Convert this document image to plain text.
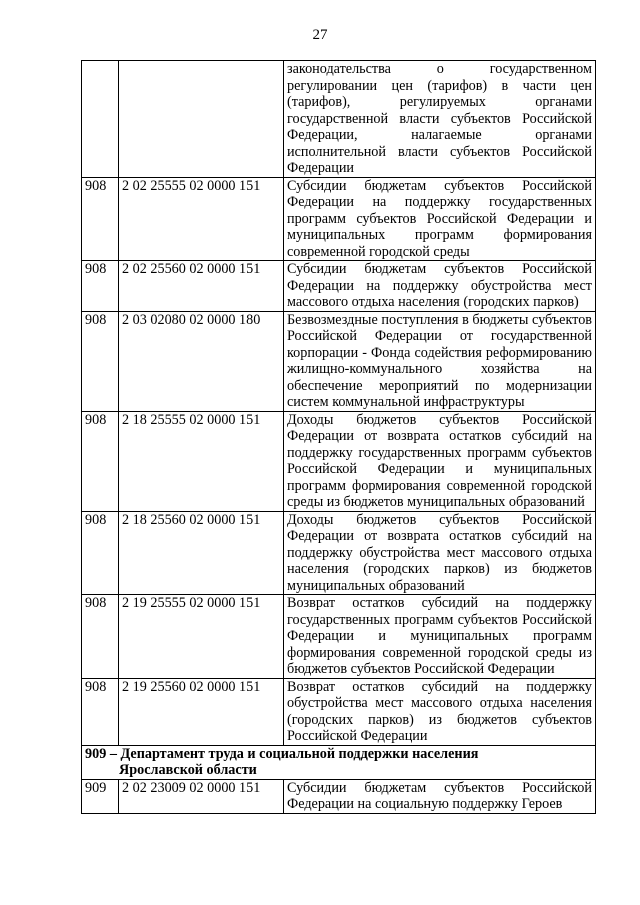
27
		законодательства о государственном регулировании цен (тарифов) в части цен (тарифов), регулируемых органами государственной власти субъектов Российской Федерации, налагаемые органами исполнительной власти субъектов Российской Федерации
908	2 02 25555 02 0000 151	Субсидии бюджетам субъектов Российской Федерации на поддержку государственных программ субъектов Российской Федерации и муниципальных программ формирования современной городской среды
908	2 02 25560 02 0000 151	Субсидии бюджетам субъектов Российской Федерации на поддержку обустройства мест массового отдыха населения (городских парков)
908	2 03 02080 02 0000 180	Безвозмездные поступления в бюджеты субъектов Российской Федерации от государственной корпорации - Фонда содействия реформированию жилищно-коммунального хозяйства на обеспечение мероприятий по модернизации систем коммунальной инфраструктуры
908	2 18 25555 02 0000 151	Доходы бюджетов субъектов Российской Федерации от возврата остатков субсидий на поддержку государственных программ субъектов Российской Федерации и муниципальных программ формирования современной городской среды из бюджетов муниципальных образований
908	2 18 25560 02 0000 151	Доходы бюджетов субъектов Российской Федерации от возврата остатков субсидий на поддержку обустройства мест массового отдыха населения (городских парков) из бюджетов муниципальных образований
908	2 19 25555 02 0000 151	Возврат остатков субсидий на поддержку государственных программ субъектов Российской Федерации и муниципальных программ формирования современной городской среды из бюджетов субъектов Российской Федерации
908	2 19 25560 02 0000 151	Возврат остатков субсидий на поддержку обустройства мест массового отдыха населения (городских парков) из бюджетов субъектов Российской Федерации
909 – Департамент труда и социальной поддержки населения
Ярославской области		

909	2 02 23009 02 0000 151	Субсидии бюджетам субъектов Российской Федерации на социальную поддержку Героев
